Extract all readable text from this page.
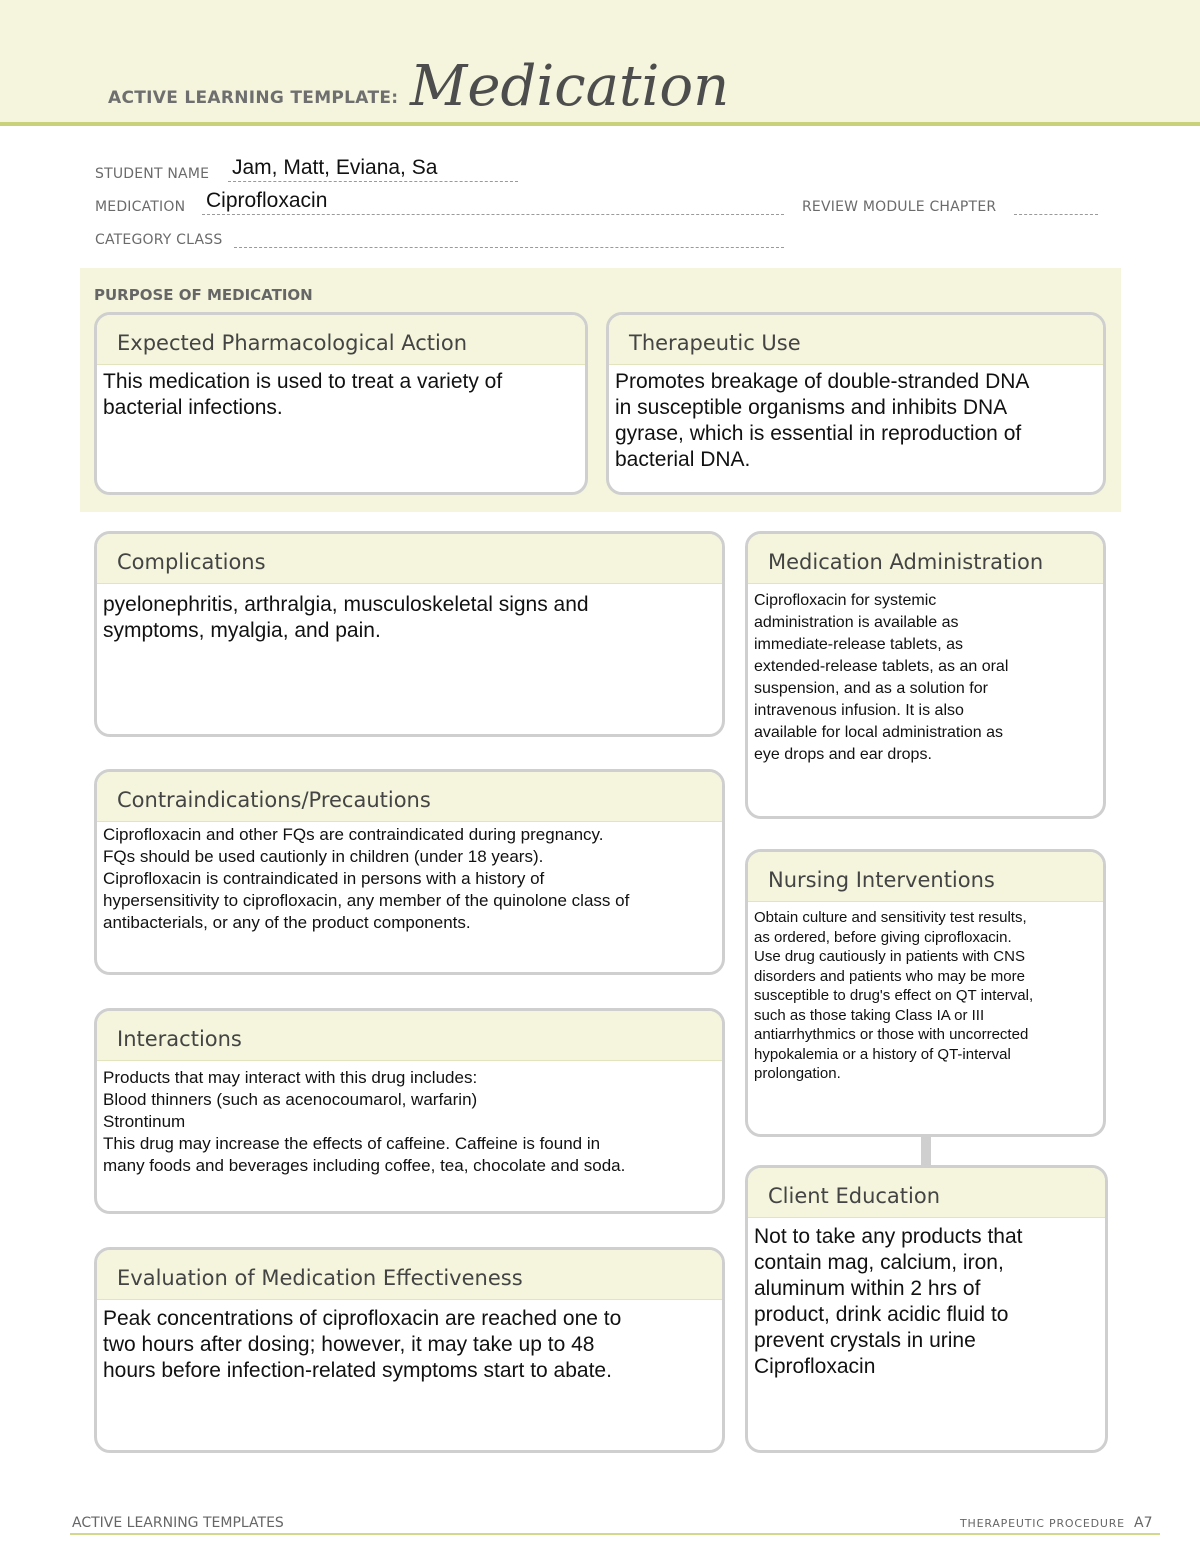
ACTIVE LEARNING TEMPLATE: Medication
STUDENT NAME Jam, Matt, Eviana, Sa
MEDICATION Ciprofloxacin	REVIEW MODULE CHAPTER
CATEGORY CLASS
PURPOSE OF MEDICATION
Expected Pharmacological Action
This medication is used to treat a variety of
bacterial infections.
Therapeutic Use
Promotes breakage of double-stranded DNA
in susceptible organisms and inhibits DNA
gyrase, which is essential in reproduction of
bacterial DNA.
Complications
pyelonephritis, arthralgia, musculoskeletal signs and
symptoms, myalgia, and pain.
Contraindications/Precautions
Ciprofloxacin and other FQs are contraindicated during pregnancy.
FQs should be used cautionly in children (under 18 years).
Ciprofloxacin is contraindicated in persons with a history of
hypersensitivity to ciprofloxacin, any member of the quinolone class of
antibacterials, or any of the product components.
Interactions
Products that may interact with this drug includes:
Blood thinners (such as acenocoumarol, warfarin)
Strontinum
This drug may increase the effects of caffeine. Caffeine is found in
many foods and beverages including coffee, tea, chocolate and soda.
Evaluation of Medication Effectiveness
Peak concentrations of ciprofloxacin are reached one to
two hours after dosing; however, it may take up to 48
hours before infection-related symptoms start to abate.
Medication Administration
Ciprofloxacin for systemic
administration is available as
immediate-release tablets, as
extended-release tablets, as an oral
suspension, and as a solution for
intravenous infusion. It is also
available for local administration as
eye drops and ear drops.
Nursing Interventions
Obtain culture and sensitivity test results,
as ordered, before giving ciprofloxacin.
Use drug cautiously in patients with CNS
disorders and patients who may be more
susceptible to drug's effect on QT interval,
such as those taking Class IA or III
antiarrhythmics or those with uncorrected
hypokalemia or a history of QT-interval
prolongation.
Client Education
Not to take any products that
contain mag, calcium, iron,
aluminum within 2 hrs of
product, drink acidic fluid to
prevent crystals in urine
Ciprofloxacin
ACTIVE LEARNING TEMPLATES	THERAPEUTIC PROCEDURE A7
